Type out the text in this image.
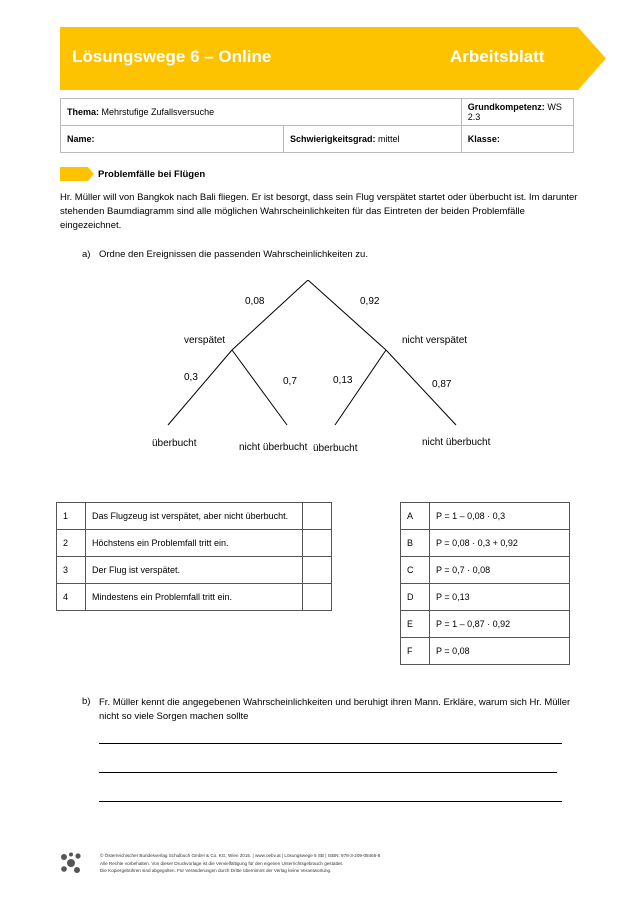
Lösungswege 6 – Online	Arbeitsblatt
Thema: Mehrstufige Zufallsversuche		Grundkompetenz: WS 2.3
Name:	Schwierigkeitsgrad: mittel	Klasse:
Problemfälle bei Flügen
Hr. Müller will von Bangkok nach Bali fliegen. Er ist besorgt, dass sein Flug verspätet startet oder überbucht ist. Im darunter stehenden Baumdiagramm sind alle möglichen Wahrscheinlichkeiten für das Eintreten der beiden Problemfälle eingezeichnet.
a) Ordne den Ereignissen die passenden Wahrscheinlichkeiten zu.
0,08	0,92
verspätet	nicht verspätet
0,3	0,7	0,13	0,87
überbucht	nicht überbucht überbucht
nicht überbucht
1	Das Flugzeug ist verspätet, aber nicht überbucht.	
2	Höchstens ein Problemfall tritt ein.	
3	Der Flug ist verspätet.	
4	Mindestens ein Problemfall tritt ein.	
A	P = 1 – 0,08 · 0,3
B	P = 0,08 · 0,3 + 0,92
C	P = 0,7 · 0,08
D	P = 0,13
E	P = 1 – 0,87 · 0,92
F	P = 0,08
b) Fr. Müller kennt die angegebenen Wahrscheinlichkeiten und beruhigt ihren Mann. Erkläre, warum sich Hr. Müller nicht so viele Sorgen machen sollte
© Österreichischer Bundesverlag Schulbuch GmbH & Co. KG, Wien 2015. | www.oebv.at | Lösungswege 5 SB | ISBN: 978-3-209-08466-8
Alle Rechte vorbehalten. Von dieser Druckvorlage ist die Vervielfältigung für den eigenen Unterrichtsgebrauch gestattet.
Die Kopiergebühren sind abgegolten. Für Veränderungen durch Dritte übernimmt der Verlag keine Verantwortung.
